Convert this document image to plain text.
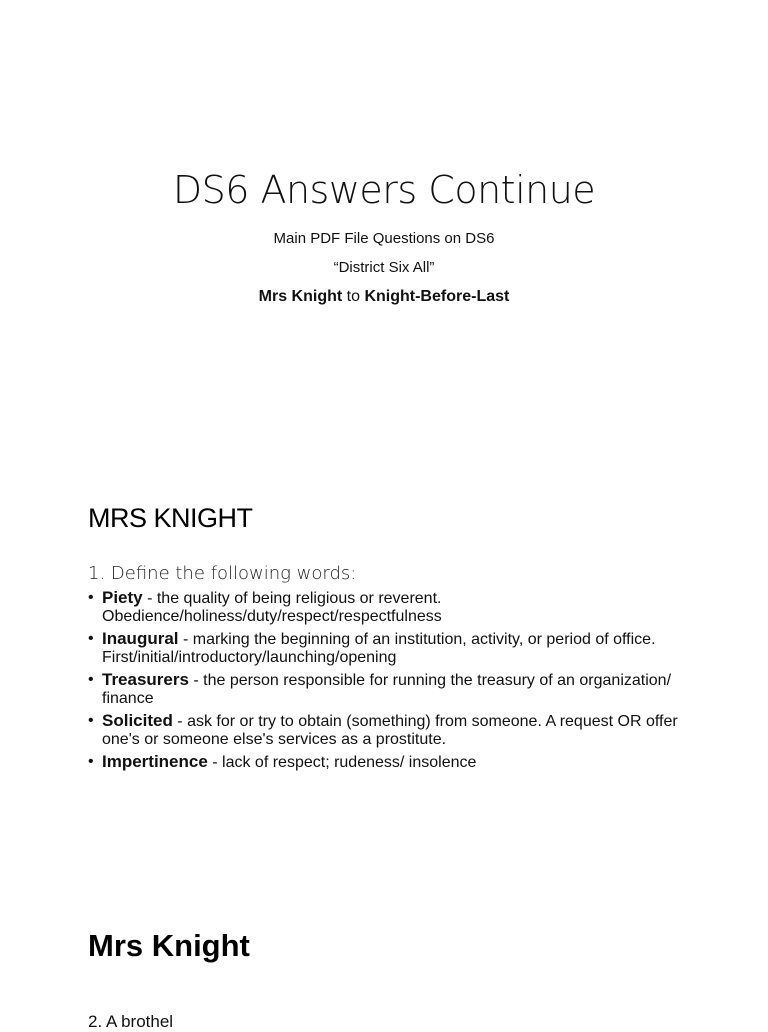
DS6 Answers Continue
Main PDF File Questions on DS6
“District Six All”
Mrs Knight to Knight-Before-Last
MRS KNIGHT
1. Define the following words:
• Piety - the quality of being religious or reverent. Obedience/holiness/duty/respect/respectfulness
• Inaugural - marking the beginning of an institution, activity, or period of office. First/initial/introductory/launching/opening
• Treasurers - the person responsible for running the treasury of an organization/ finance
• Solicited - ask for or try to obtain (something) from someone. A request OR offer one's or someone else's services as a prostitute.
• Impertinence - lack of respect; rudeness/ insolence
Mrs Knight
2. A brothel
